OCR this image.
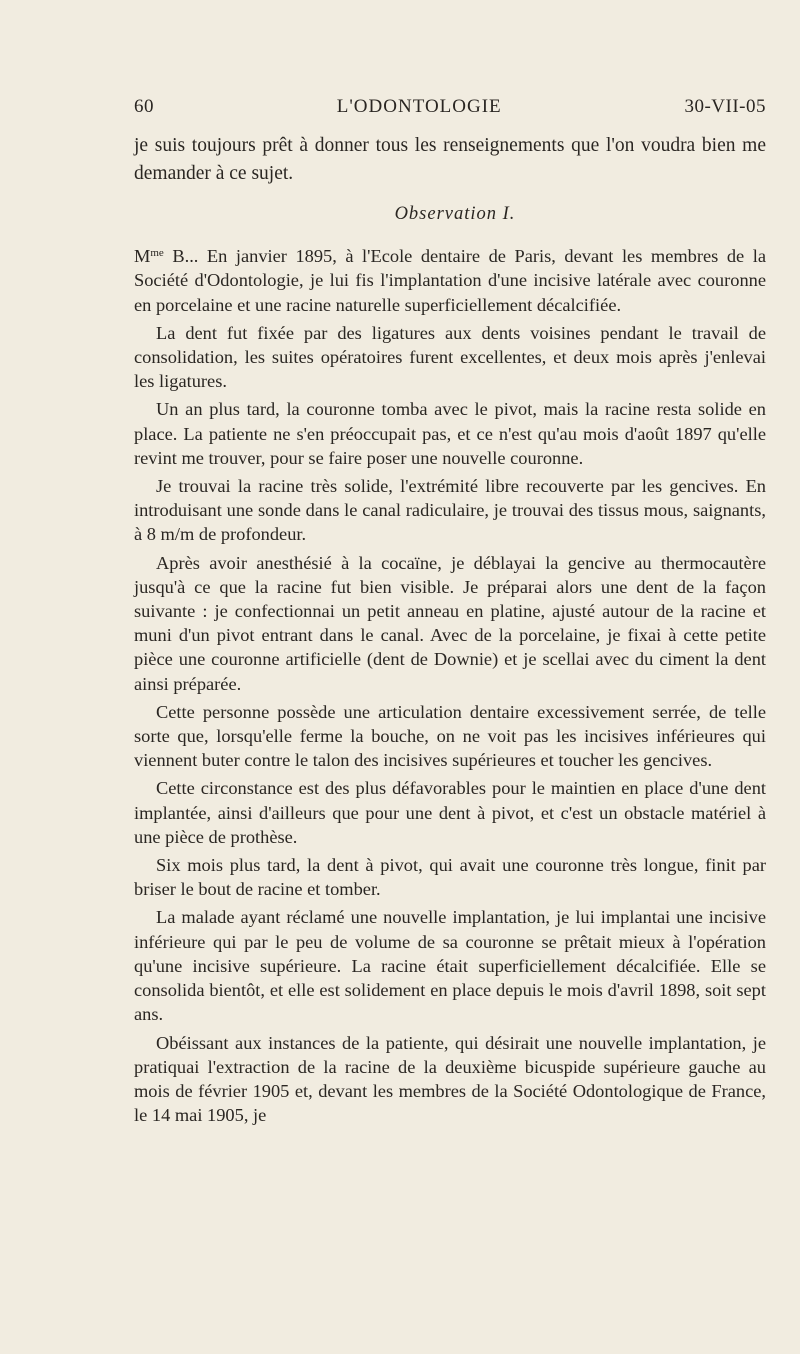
60	L'ODONTOLOGIE	30-VII-05

je suis toujours prêt à donner tous les renseignements que l'on voudra bien me demander à ce sujet.

Observation I.

$M^{me}$ B... En janvier 1895, à l'Ecole dentaire de Paris, devant les membres de la Société d'Odontologie, je lui fis l'implantation d'une incisive latérale avec couronne en porcelaine et une racine naturelle superficiellement décalcifiée.

La dent fut fixée par des ligatures aux dents voisines pendant le travail de consolidation, les suites opératoires furent excellentes, et deux mois après j'enlevai les ligatures.

Un an plus tard, la couronne tomba avec le pivot, mais la racine resta solide en place. La patiente ne s'en préoccupait pas, et ce n'est qu'au mois d'août 1897 qu'elle revint me trouver, pour se faire poser une nouvelle couronne.

Je trouvai la racine très solide, l'extrémité libre recouverte par les gencives. En introduisant une sonde dans le canal radiculaire, je trouvai des tissus mous, saignants, à 8 m/m de profondeur.

Après avoir anesthésié à la cocaïne, je déblayai la gencive au thermocautère jusqu'à ce que la racine fut bien visible. Je préparai alors une dent de la façon suivante : je confectionnai un petit anneau en platine, ajusté autour de la racine et muni d'un pivot entrant dans le canal. Avec de la porcelaine, je fixai à cette petite pièce une couronne artificielle (dent de Downie) et je scellai avec du ciment la dent ainsi préparée.

Cette personne possède une articulation dentaire excessivement serrée, de telle sorte que, lorsqu'elle ferme la bouche, on ne voit pas les incisives inférieures qui viennent buter contre le talon des incisives supérieures et toucher les gencives.

Cette circonstance est des plus défavorables pour le maintien en place d'une dent implantée, ainsi d'ailleurs que pour une dent à pivot, et c'est un obstacle matériel à une pièce de prothèse.

Six mois plus tard, la dent à pivot, qui avait une couronne très longue, finit par briser le bout de racine et tomber.

La malade ayant réclamé une nouvelle implantation, je lui implantai une incisive inférieure qui par le peu de volume de sa couronne se prêtait mieux à l'opération qu'une incisive supérieure. La racine était superficiellement décalcifiée. Elle se consolida bientôt, et elle est solidement en place depuis le mois d'avril 1898, soit sept ans.

Obéissant aux instances de la patiente, qui désirait une nouvelle implantation, je pratiquai l'extraction de la racine de la deuxième bicuspide supérieure gauche au mois de février 1905 et, devant les membres de la Société Odontologique de France, le 14 mai 1905, je
